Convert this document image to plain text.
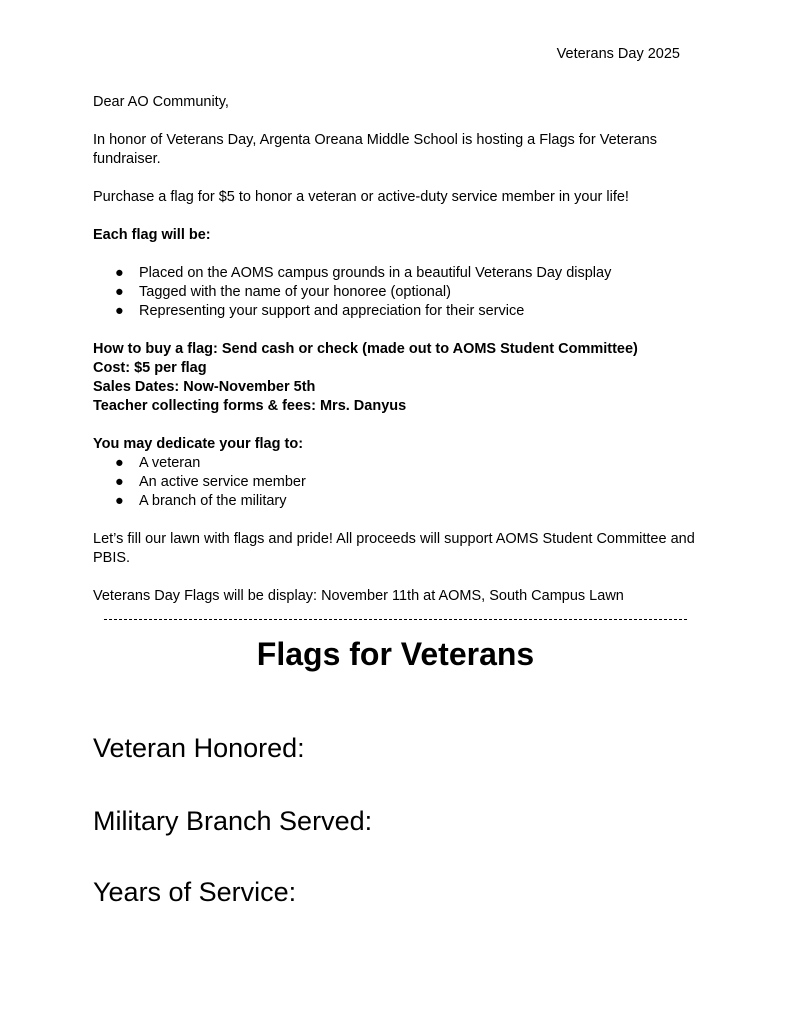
Veterans Day 2025

Dear AO Community,

In honor of Veterans Day, Argenta Oreana Middle School is hosting a Flags for Veterans fundraiser.

Purchase a flag for $5 to honor a veteran or active-duty service member in your life!

Each flag will be:

● Placed on the AOMS campus grounds in a beautiful Veterans Day display
● Tagged with the name of your honoree (optional)
● Representing your support and appreciation for their service

How to buy a flag: Send cash or check (made out to AOMS Student Committee)

Cost: $5 per flag

Sales Dates: Now-November 5th

Teacher collecting forms & fees: Mrs. Danyus

You may dedicate your flag to:

● A veteran
● An active service member
● A branch of the military

Let’s fill our lawn with flags and pride! All proceeds will support AOMS Student Committee and PBIS.

Veterans Day Flags will be display: November 11th at AOMS, South Campus Lawn

Flags for Veterans

Veteran Honored:

Military Branch Served:

Years of Service:
